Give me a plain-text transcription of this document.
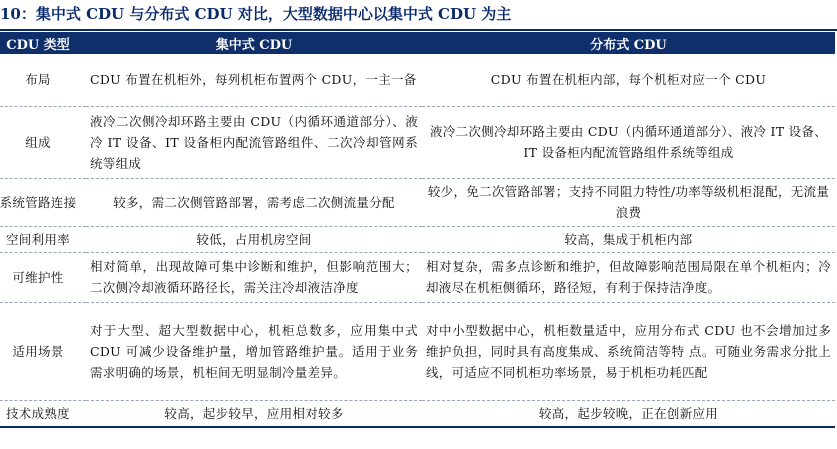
10：集中式 CDU 与分布式 CDU 对比，大型数据中心以集中式 CDU 为主
CDU 类型	集中式 CDU	分布式 CDU
布局	CDU 布置在机柜外，每列机柜布置两个 CDU，一主一备	CDU 布置在机柜内部，每个机柜对应一个 CDU
组成	液冷二次侧冷却环路主要由 CDU（内循环通道部分）、液冷 IT 设备、IT 设备柜内配流管路组件、二次冷却管网系统等组成	液冷二次侧冷却环路主要由 CDU（内循环通道部分）、液冷 IT 设备、IT 设备柜内配流管路组件系统等组成
系统管路连接	较多，需二次侧管路部署，需考虑二次侧流量分配	较少，免二次管路部署；支持不同阻力特性/功率等级机柜混配，无流量浪费
空间利用率	较低，占用机房空间	较高，集成于机柜内部
可维护性	相对简单，出现故障可集中诊断和维护，但影响范围大；二次侧冷却液循环路径长，需关注冷却液洁净度	相对复杂，需多点诊断和维护，但故障影响范围局限在单个机柜内；冷却液尽在机柜侧循环，路径短，有利于保持洁净度。
适用场景	对于大型、超大型数据中心，机柜总数多，应用集中式 CDU 可减少设备维护量，增加管路维护量。适用于业务需求明确的场景，机柜间无明显制冷量差异。	对中小型数据中心，机柜数量适中，应用分布式 CDU 也不会增加过多维护负担，同时具有高度集成、系统简洁等特 点。可随业务需求分批上线，可适应不同机柜功率场景，易于机柜功耗匹配
技术成熟度	较高，起步较早，应用相对较多	较高，起步较晚，正在创新应用
